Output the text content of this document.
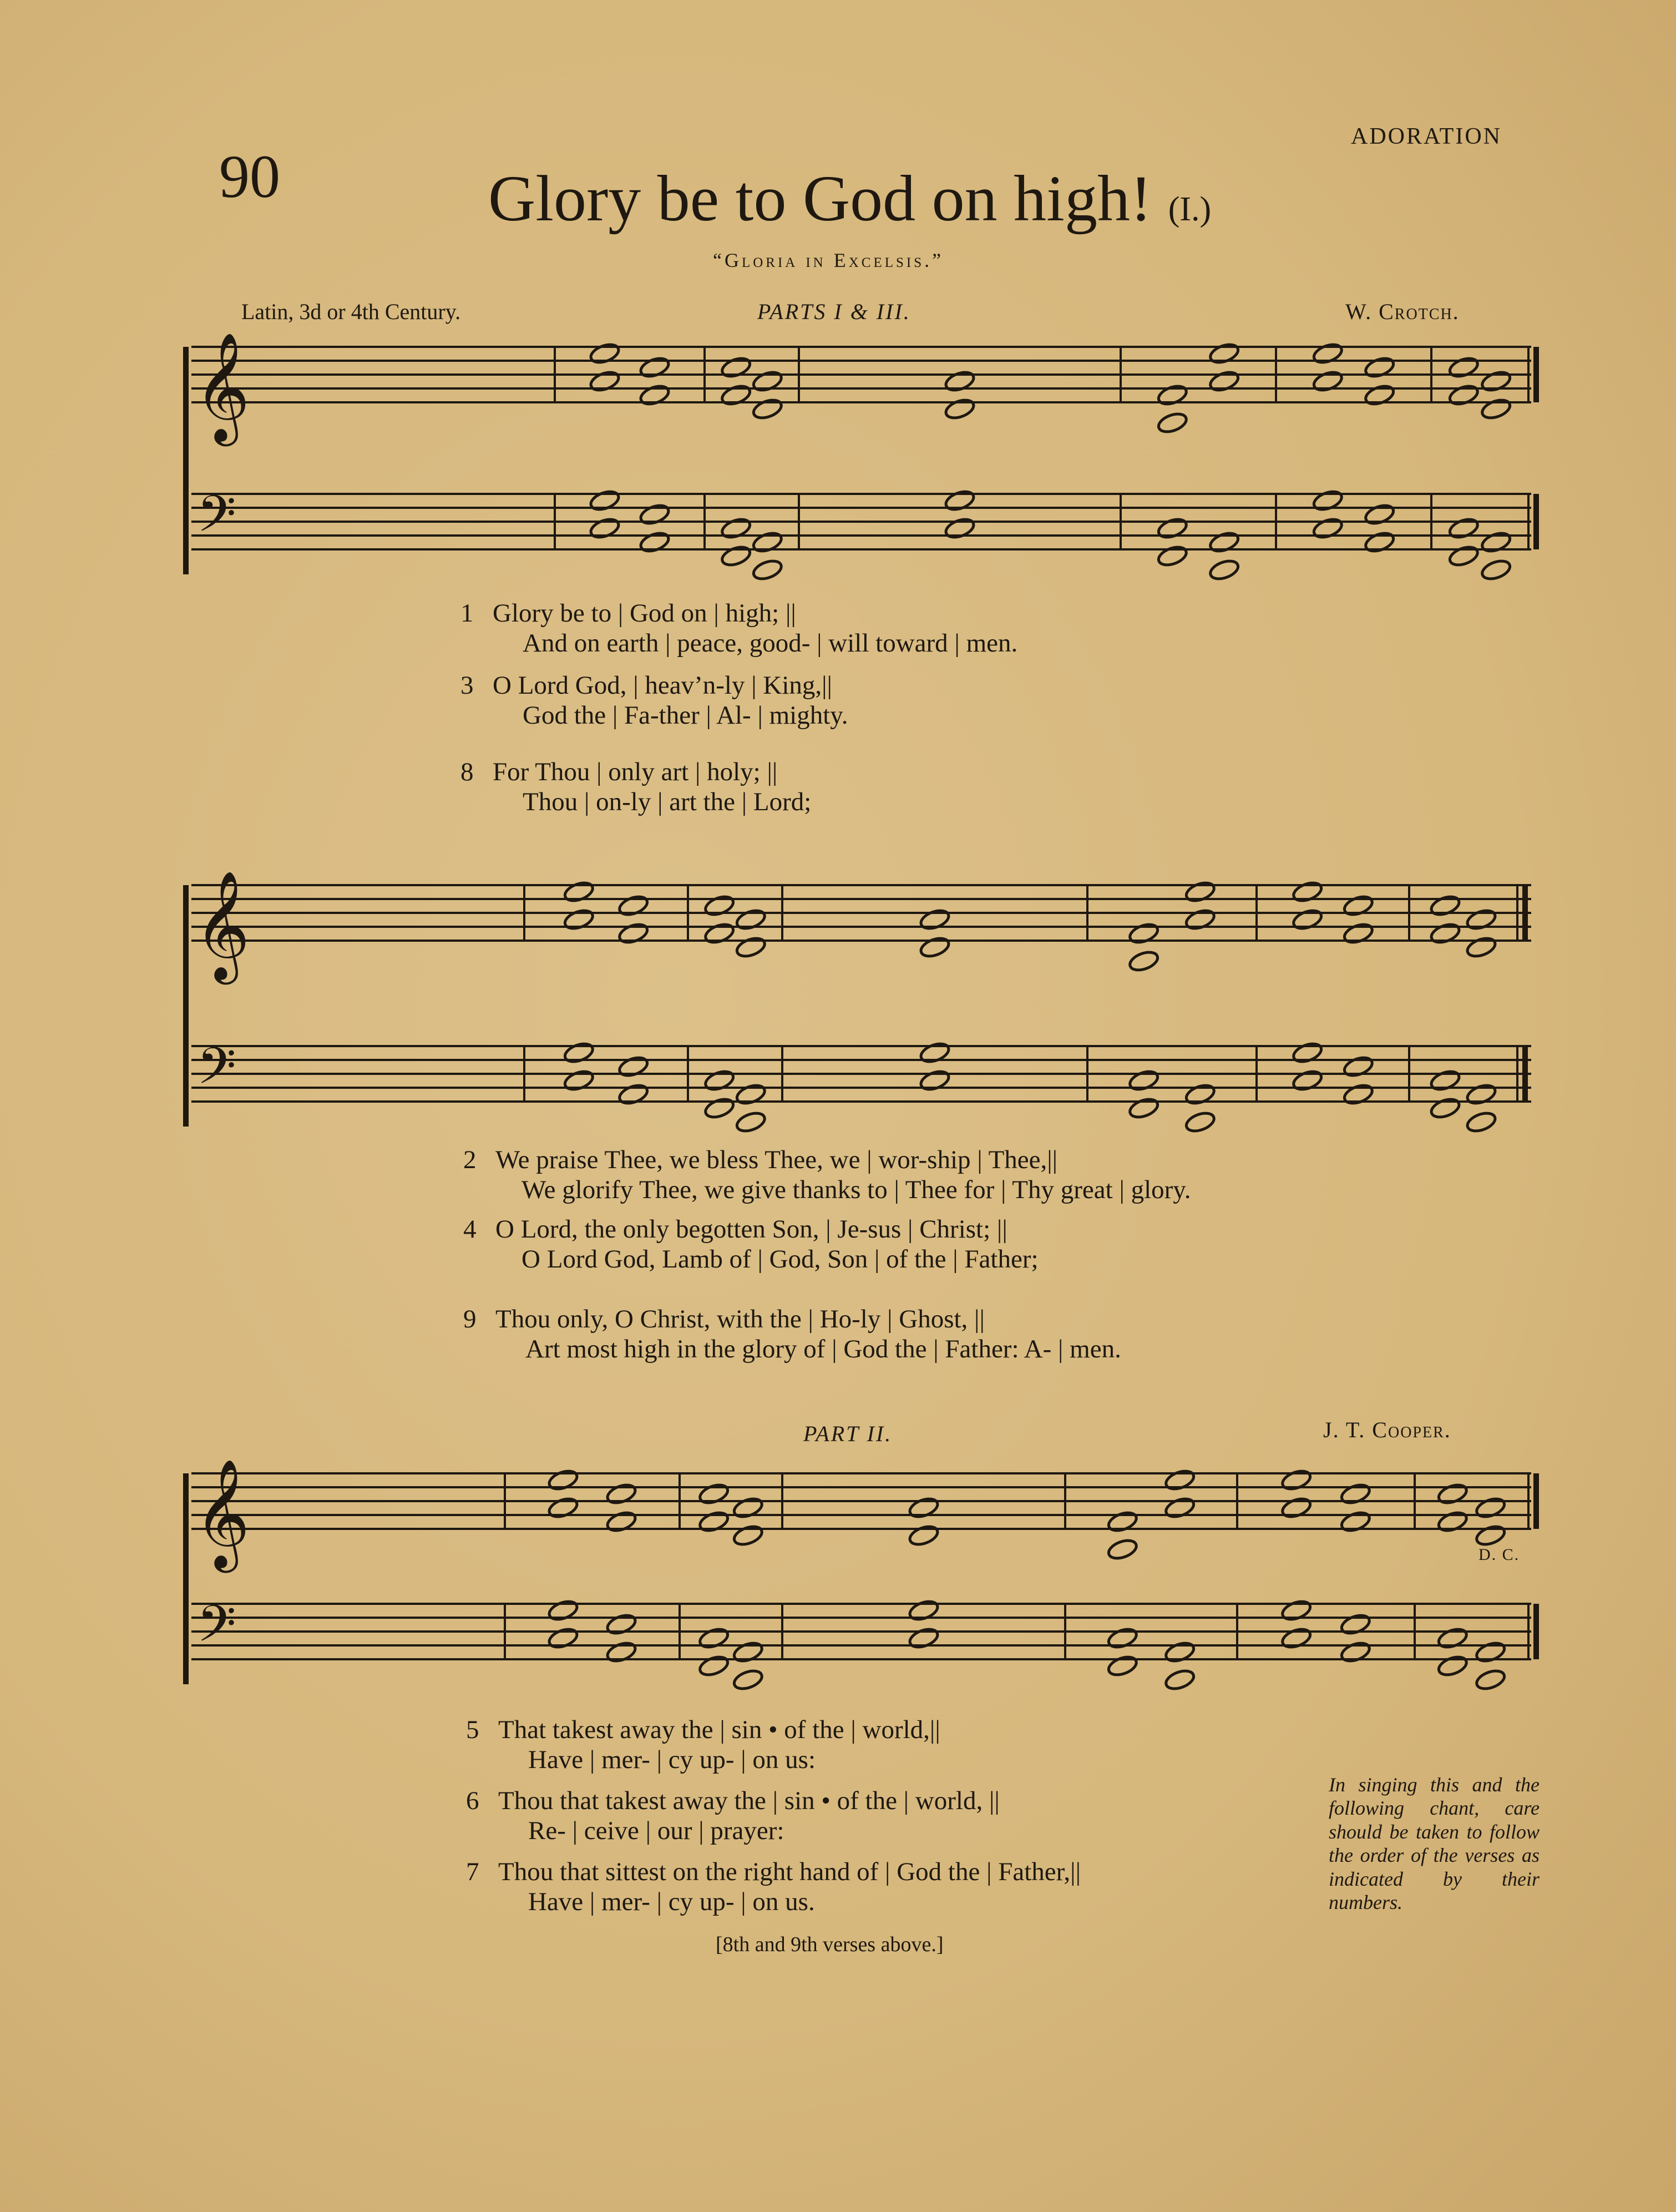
90
ADORATION
Glory be to God on high! (I.)
“Gloria in Excelsis.”
Latin, 3d or 4th Century.	PARTS I & III.	W. Crotch.
𝄞
𝄢
𝄞
𝄢
𝄞
𝄢
1 Glory be to | God on | high; ||
And on earth | peace, good- | will toward | men.
3 O Lord God, | heav’n-ly | King,||
God the | Fa-ther | Al- | mighty.
8 For Thou | only art | holy; ||
Thou | on-ly | art the | Lord;
2 We praise Thee, we bless Thee, we | wor-ship | Thee,||
We glorify Thee, we give thanks to | Thee for | Thy great | glory.
4 O Lord, the only begotten Son, | Je-sus | Christ; ||
O Lord God, Lamb of | God, Son | of the | Father;
9 Thou only, O Christ, with the | Ho-ly | Ghost, ||
Art most high in the glory of | God the | Father: A- | men.
PART II.	J. T. Cooper.
D. C.
5 That takest away the | sin • of the | world,||
Have | mer- | cy up- | on us:
6 Thou that takest away the | sin • of the | world, ||
Re- | ceive | our | prayer:
7 Thou that sittest on the right hand of | God the | Father,||
Have | mer- | cy up- | on us.
[8th and 9th verses above.]
In singing this and the following chant, care should be taken to follow the order of the verses as indicated by their numbers.
